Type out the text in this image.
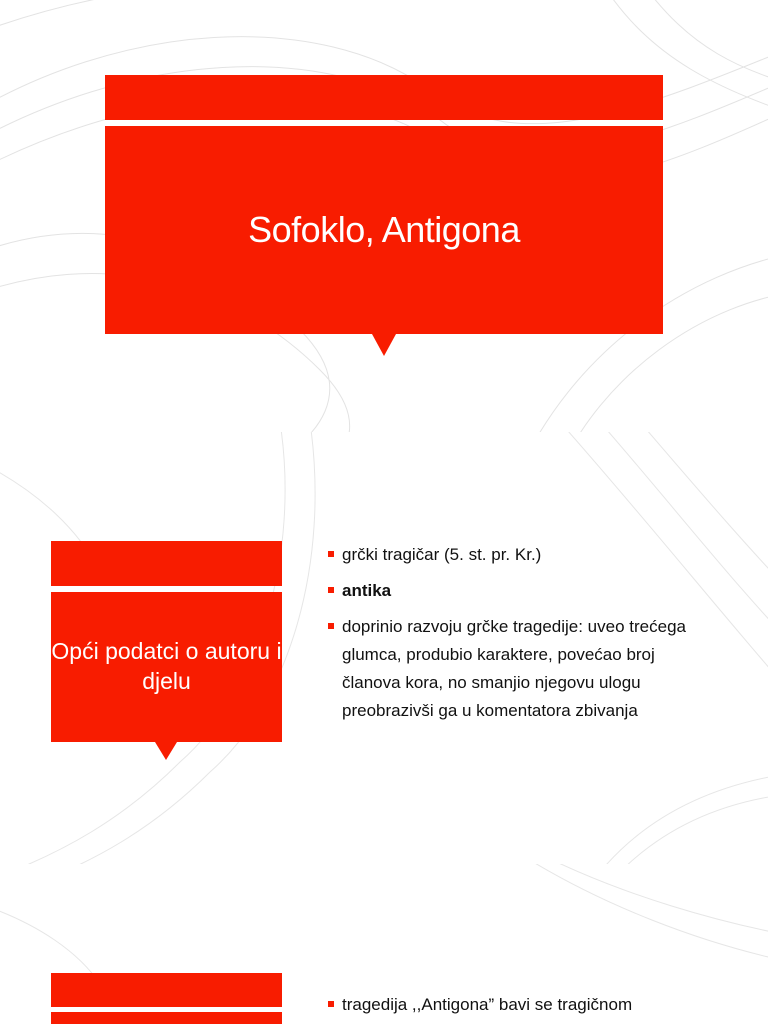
Sofoklo, Antigona
Opći podatci o autoru i djelu
grčki tragičar (5. st. pr. Kr.)
antika
doprinio razvoju grčke tragedije: uveo trećega glumca, produbio karaktere, povećao broj članova kora, no smanjio njegovu ulogu preobrazivši ga u komentatora zbivanja
tragedija ,,Antigona” bavi se tragičnom
